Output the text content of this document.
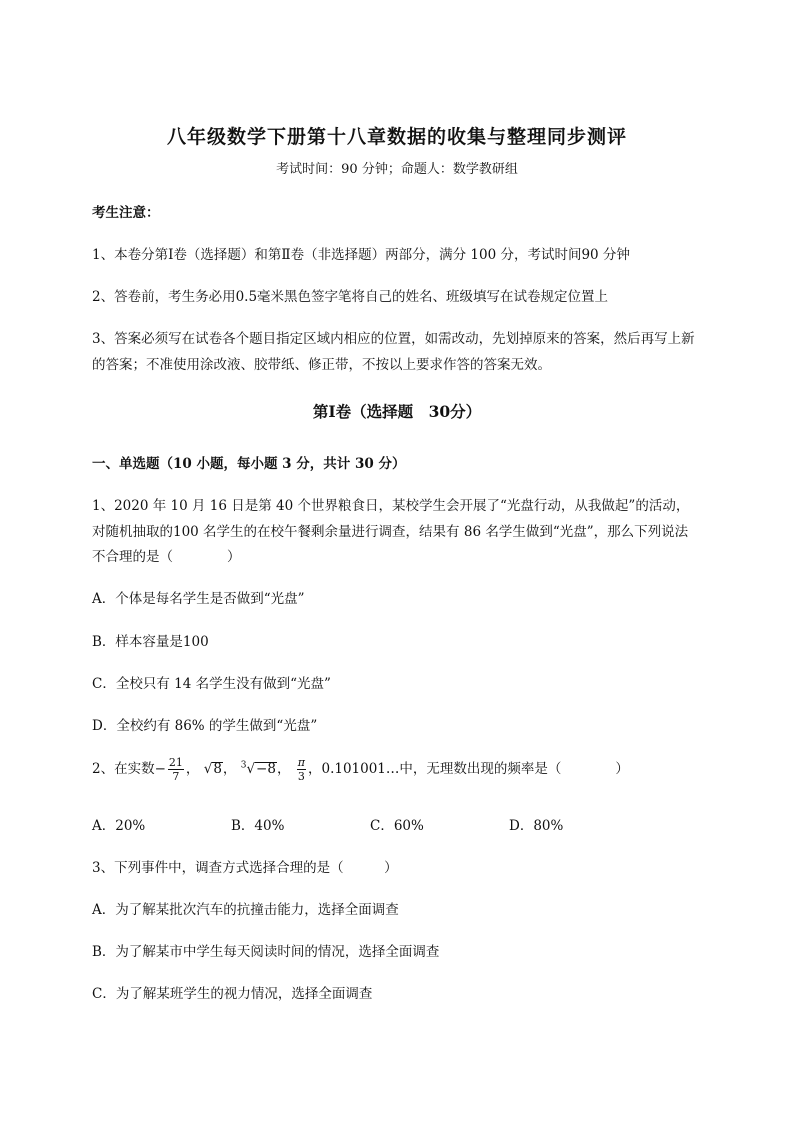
八年级数学下册第十八章数据的收集与整理同步测评
考试时间：90 分钟；命题人：数学教研组
考生注意：
1、本卷分第Ⅰ卷（选择题）和第Ⅱ卷（非选择题）两部分，满分 100 分，考试时间90 分钟
2、答卷前，考生务必用0.5毫米黑色签字笔将自己的姓名、班级填写在试卷规定位置上
3、答案必须写在试卷各个题目指定区域内相应的位置，如需改动，先划掉原来的答案，然后再写上新
的答案；不准使用涂改液、胶带纸、修正带，不按以上要求作答的答案无效。
第Ⅰ卷（选择题　30分）
一、单选题（10 小题，每小题 3 分，共计 30 分）
1、2020 年 10 月 16 日是第 40 个世界粮食日，某校学生会开展了“光盘行动，从我做起”的活动，
对随机抽取的100 名学生的在校午餐剩余量进行调查，结果有 86 名学生做到“光盘”，那么下列说法
不合理的是（　　　　）
A．个体是每名学生是否做到“光盘”
B．样本容量是100
C．全校只有 14 名学生没有做到“光盘”
D．全校约有 86% 的学生做到“光盘”
2、在实数− $\frac{21}{7}$ ， √8， $^3$√−8， $\frac{\pi}{3}$ ，0.101001…中，无理数出现的频率是（　　　　）
A．20%	B．40%	C．60%	D．80%
3、下列事件中，调查方式选择合理的是（　　　）
A．为了解某批次汽车的抗撞击能力，选择全面调查
B．为了解某市中学生每天阅读时间的情况，选择全面调查
C．为了解某班学生的视力情况，选择全面调查
